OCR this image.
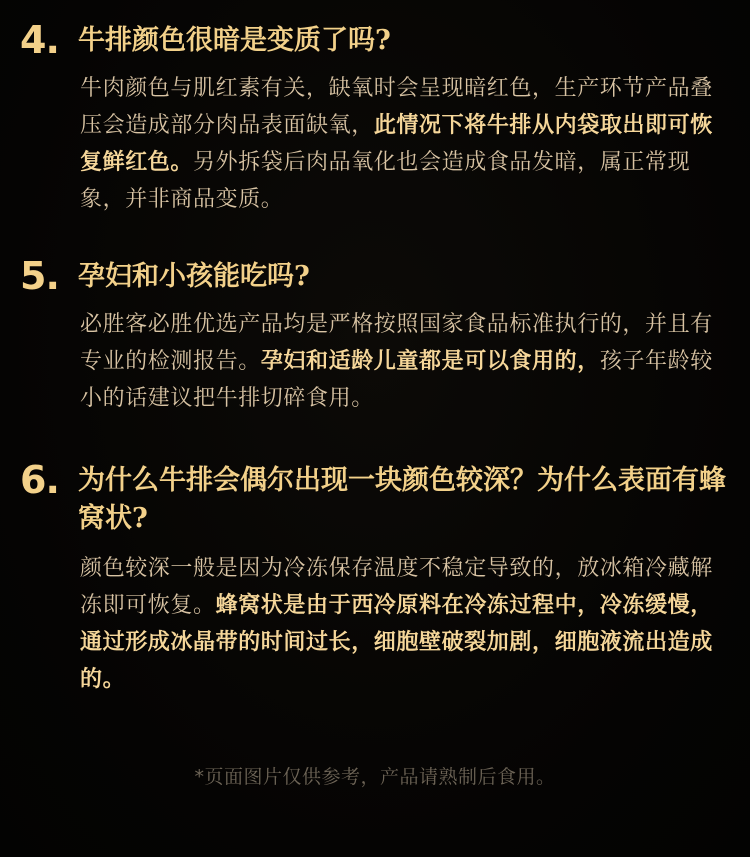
4. 牛排颜色很暗是变质了吗?
牛肉颜色与肌红素有关，缺氧时会呈现暗红色，生产环节产品叠压会造成部分肉品表面缺氧，此情况下将牛排从内袋取出即可恢复鲜红色。另外拆袋后肉品氧化也会造成食品发暗，属正常现象，并非商品变质。
5. 孕妇和小孩能吃吗?
必胜客必胜优选产品均是严格按照国家食品标准执行的，并且有专业的检测报告。孕妇和适龄儿童都是可以食用的，孩子年龄较小的话建议把牛排切碎食用。
6. 为什么牛排会偶尔出现一块颜色较深？为什么表面有蜂窝状?
颜色较深一般是因为冷冻保存温度不稳定导致的，放冰箱冷藏解冻即可恢复。蜂窝状是由于西冷原料在冷冻过程中，冷冻缓慢，通过形成冰晶带的时间过长，细胞壁破裂加剧，细胞液流出造成的。
*页面图片仅供参考，产品请熟制后食用。
